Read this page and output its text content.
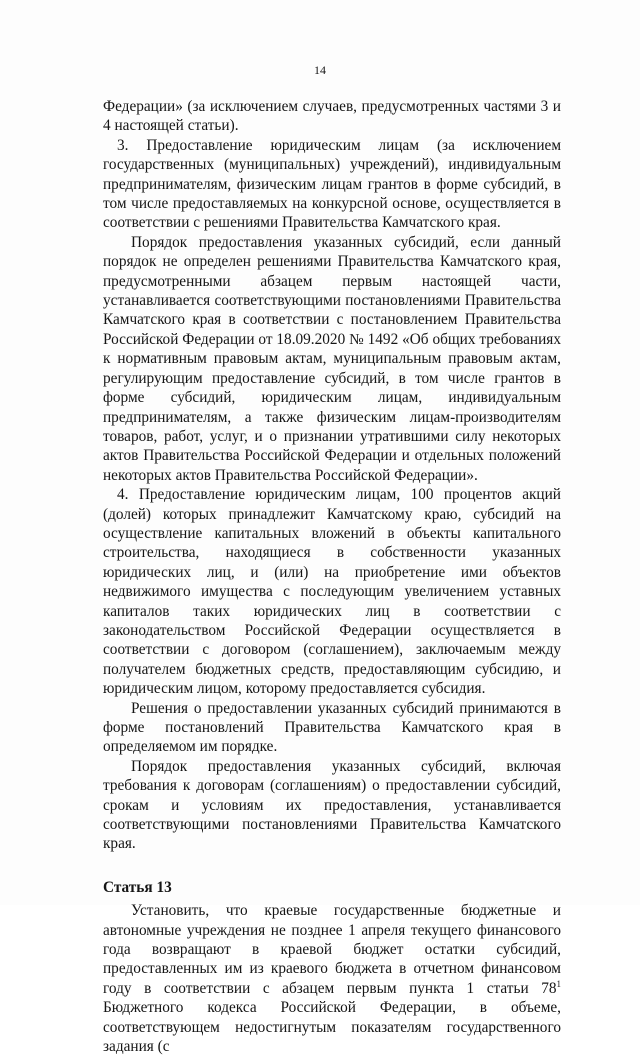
14

Федерации» (за исключением случаев, предусмотренных частями 3 и 4 настоящей статьи).

3. Предоставление юридическим лицам (за исключением государственных (муниципальных) учреждений), индивидуальным предпринимателям, физическим лицам грантов в форме субсидий, в том числе предоставляемых на конкурсной основе, осуществляется в соответствии с решениями Правительства Камчатского края.

Порядок предоставления указанных субсидий, если данный порядок не определен решениями Правительства Камчатского края, предусмотренными абзацем первым настоящей части, устанавливается соответствующими постановлениями Правительства Камчатского края в соответствии с постановлением Правительства Российской Федерации от 18.09.2020 № 1492 «Об общих требованиях к нормативным правовым актам, муниципальным правовым актам, регулирующим предоставление субсидий, в том числе грантов в форме субсидий, юридическим лицам, индивидуальным предпринимателям, а также физическим лицам-производителям товаров, работ, услуг, и о признании утратившими силу некоторых актов Правительства Российской Федерации и отдельных положений некоторых актов Правительства Российской Федерации».

4. Предоставление юридическим лицам, 100 процентов акций (долей) которых принадлежит Камчатскому краю, субсидий на осуществление капитальных вложений в объекты капитального строительства, находящиеся в собственности указанных юридических лиц, и (или) на приобретение ими объектов недвижимого имущества с последующим увеличением уставных капиталов таких юридических лиц в соответствии с законодательством Российской Федерации осуществляется в соответствии с договором (соглашением), заключаемым между получателем бюджетных средств, предоставляющим субсидию, и юридическим лицом, которому предоставляется субсидия.

Решения о предоставлении указанных субсидий принимаются в форме постановлений Правительства Камчатского края в определяемом им порядке.

Порядок предоставления указанных субсидий, включая требования к договорам (соглашениям) о предоставлении субсидий, срокам и условиям их предоставления, устанавливается соответствующими постановлениями Правительства Камчатского края.

Статья 13

Установить, что краевые государственные бюджетные и автономные учреждения не позднее 1 апреля текущего финансового года возвращают в краевой бюджет остатки субсидий, предоставленных им из краевого бюджета в отчетном финансовом году в соответствии с абзацем первым пункта 1 статьи $78^1$ Бюджетного кодекса Российской Федерации, в объеме, соответствующем недостигнутым показателям государственного задания (с
